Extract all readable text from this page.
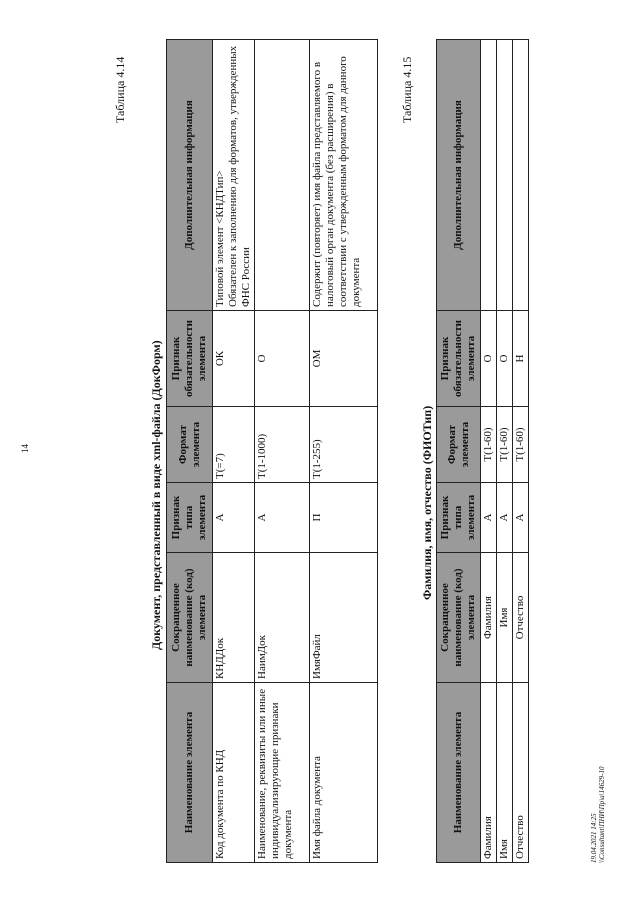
14
Таблица 4.14
Документ, представленный в виде xml-файла (ДокФорм)
Наименование элемента	Сокращенное наименование (код) элемента	Признак типа элемента	Формат элемента	Признак обязательности элемента	Дополнительная информация
Код документа по КНД	КНДДок	А	T(=7)	ОК	Типовой элемент <КНДТип>
Обязателен к заполнению для форматов, утвержденных ФНС России
Наименование, реквизиты или иные индивидуализирующие признаки документа	НаимДок	А	T(1-1000)	О	
Имя файла документа	ИмяФайл	П	T(1-255)	ОМ	Содержит (повторяет) имя файла представляемого в налоговый орган документа (без расширения) в соответствии с утвержденным форматом для данного документа
Таблица 4.15
Фамилия, имя, отчество (ФИОТип)
Наименование элемента	Сокращенное наименование (код) элемента	Признак типа элемента	Формат элемента	Признак обязательности элемента	Дополнительная информация
Фамилия	Фамилия	А	T(1-60)	О	
Имя	Имя	А	T(1-60)	О	
Отчество	Отчество	А	T(1-60)	Н	
19.04.2021 14:25 \\Consultant\ПНИ\Пр\а\14629-10
